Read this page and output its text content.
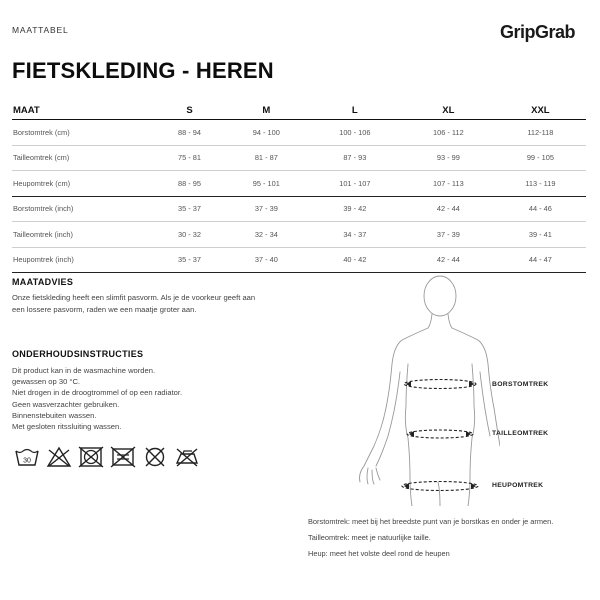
MAATTABEL	GripGrab
FIETSKLEDING - HEREN
MAAT	S	M	L	XL	XXL
Borstomtrek (cm)	88 - 94	94 - 100	100 - 106	106 - 112	112-118
Tailleomtrek (cm)	75 - 81	81 - 87	87 - 93	93 - 99	99 - 105
Heupomtrek (cm)	88 - 95	95 - 101	101 - 107	107 - 113	113 - 119
Borstomtrek (inch)	35 - 37	37 - 39	39 - 42	42 - 44	44 - 46
Tailleomtrek (inch)	30 - 32	32 - 34	34 - 37	37 - 39	39 - 41
Heupomtrek (inch)	35 - 37	37 - 40	40 - 42	42 - 44	44 - 47
MAATADVIES
Onze fietskleding heeft een slimfit pasvorm. Als je de voorkeur geeft aan een lossere pasvorm, raden we een maatje groter aan.
ONDERHOUDSINSTRUCTIES
Dit product kan in de wasmachine worden.
gewassen op 30 °C.
Niet drogen in de droogtrommel of op een radiator.
Geen wasverzachter gebruiken.
Binnenstebuiten wassen.
Met gesloten ritssluiting wassen.
30
BORSTOMTREK
TAILLEOMTREK
HEUPOMTREK
Borstomtrek: meet bij het breedste punt van je borstkas en onder je armen.
Tailleomtrek: meet je natuurlijke taille.
Heup: meet het volste deel rond de heupen
